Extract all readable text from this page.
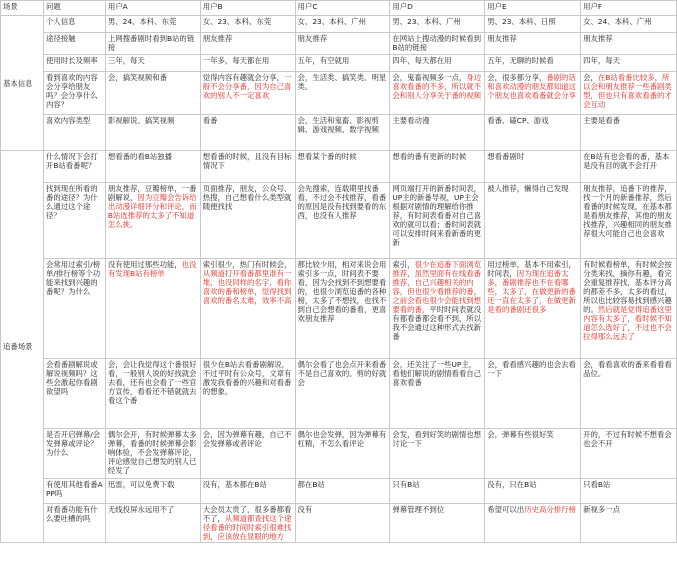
场景	问题	用户A	用户B	用户C	用户D	用户E	用户F
基本信息	个人信息	男、24、本科、东莞	女、23、本科、东莞	女、23、本科、广州	男、23、本科、广州	男、23、本科、日照	女、24、本科、广州
	途径接触	上网搜番剧时看到B站的链接	朋友推荐	朋友推荐	在网站上搜动漫的时候看到B站的链接	朋友推荐	朋友推荐
	使用时长及频率	三年，每天	一年多，每天都在用	五年，有空就用	四年，每天都在用	五年，无聊的时候看	四年，每天
	看到喜欢的内容会分享给朋友吗？会分享什么内容？	会，搞笑视频和番	觉得内容有趣就会分享，一般不会分享番，因为自己喜欢的别人不一定喜欢	会，生活类、搞笑类、明星类。	会，鬼畜视频多一点，身边喜欢看番的不多，所以就不会和别人分享关于番的视频	会，很多都分享，番剧的话和喜欢动漫的朋友都知道这个朋友也喜欢看番就会分享	会，在B站看番比较多，所以会和朋友推荐一些番剧类型，但也只有喜欢看番的才会互动
	喜欢内容类型	影视解说、搞笑视频	看番	会，生活和鬼畜、影视剪辑、游戏视频、数学视频	主要看动漫	看番、磕CP、游戏	主要是看番
追番场景	什么情况下会打开B站看番呢？	想看番的看B站独播	想看番的时候，且没有目标情况下	想看某个番的时候	想看的番有更新的时候	想看番剧时	在B站有也会看的番，基本是没有目的就不会打开
	找到现在所看的番的途径？为什么通过这个途径？	朋友推荐，豆瓣榜单，一番剧解说，因为豆瓣会告诉给出动漫详细评分和评论，而B站选推荐的太多了不知道怎么挑。	页面推荐，朋友，公众号、热搜，自己想看什么类型就随便找找	会先搜索，连载期里找番看，不过会不找推荐，看番的原因是没有找到要看的东西，也没有人推荐	网页端打开的新番时间表，UP主的新番导视，UP主会根据对剧情的理解给你推荐，有时间表看番对自己喜欢的就可以看；番时间表就可以安排时间来看新番的更新	被人推荐，懒得自己发现	朋友推荐，追番下的推荐，找一个月的新番推荐，然后看番的时候发现，在基本都是看朋友推荐，其他的朋友找推荐，兴趣相同的朋友推荐很大可能自己也会喜欢
	会常用过索引/榜单/排行榜等个功能来找到兴趣的番呢？为什么	没有使用过那些功能，也没有发现B站有榜单	索引很少，热门有时候会，从频道打开看番都里准有一堆，也没同样的名字，看你喜欢的番和榜单，觉得找到喜欢的番名太难，效率不高	都比较少用，相对来说会用索引多一点，时间表不要看，因为会找到不到想要看的，也很少浏览追番的各种榜，太多了不想找，也找不到自己会想看的番看，更喜欢朋友推荐	索引，很少在追番下面浏览推荐，虽然里面有在线看番推荐，自己兴趣相关的内容，但也很少看推荐的番，之前会看也很少会能找到想要看的番，平时时间表就没有都看番都会看不到，所以我不会通过这种形式去找新番	用过榜单，基本不用索引，时间表，因为现在追番太多，番剧推荐也不在看哪些，太多了，在做更新的番还一直在太多了，在做更新是看的番剧还很多	有时候看榜单，有时候会按分类来找，摘你有趣，看完会重复推荐找，基本评分高的都差不多，太多的看过，所以也比较容易找到感兴趣的。然后就是觉得追番这里内容有太多了，看时候不知道怎么选好了，不过也不会拉得那么远去了
	会看番剧解说或解说视频吗？这些会激起你看剧欲望吗	会，会让我觉得这个番很好看，一般别人说的好找就会去看，还有也会看了一些官方宣传，看看还不错就就去看这个番	很少在B站去看番剧解说，不过平时有公众号，文章有激发我看番的兴趣和对看番的想象。	偶尔会看了也会点开来看番不是自己喜欢的。剪的好就会	会，还关注了一些UP主，看他们解说的剧情看看自己喜欢看番	会，看看感兴趣的也会去看一下	会，看看喜欢的番来看看看品位。
	是否开启弹幕/会发弹幕或评论？为什么	偶尔会开，有时候弹幕太多弹幕，看番的时候弹幕会影响体验，不会发弹幕评论，评论感觉自己想发的别人已经发了	会，因为弹幕有趣，自己不会发弹幕或者评论	偶尔也会发弹，因为弹幕有杠精，不怎么看评论	会发，看到好笑的剧情也想讨论一下	会，弹幕有些很好笑	开的，不过有时候不想看会也会不开
	有使用其他看番APP吗	迅雷，可以免费下载	没有，基本都在B站	都在B站	只有B站	没有，只在B站	只看B站
	对看番功能有什么要吐槽的吗	无线投屏永远用不了	大会员太贵了，很多番都看不了，从频道都查找这个途径看番的时间时索引很难找到，应该放在显眼的地方	没有	弹幕管理不到位	希望可以出历史高分排行榜	新视多一点
